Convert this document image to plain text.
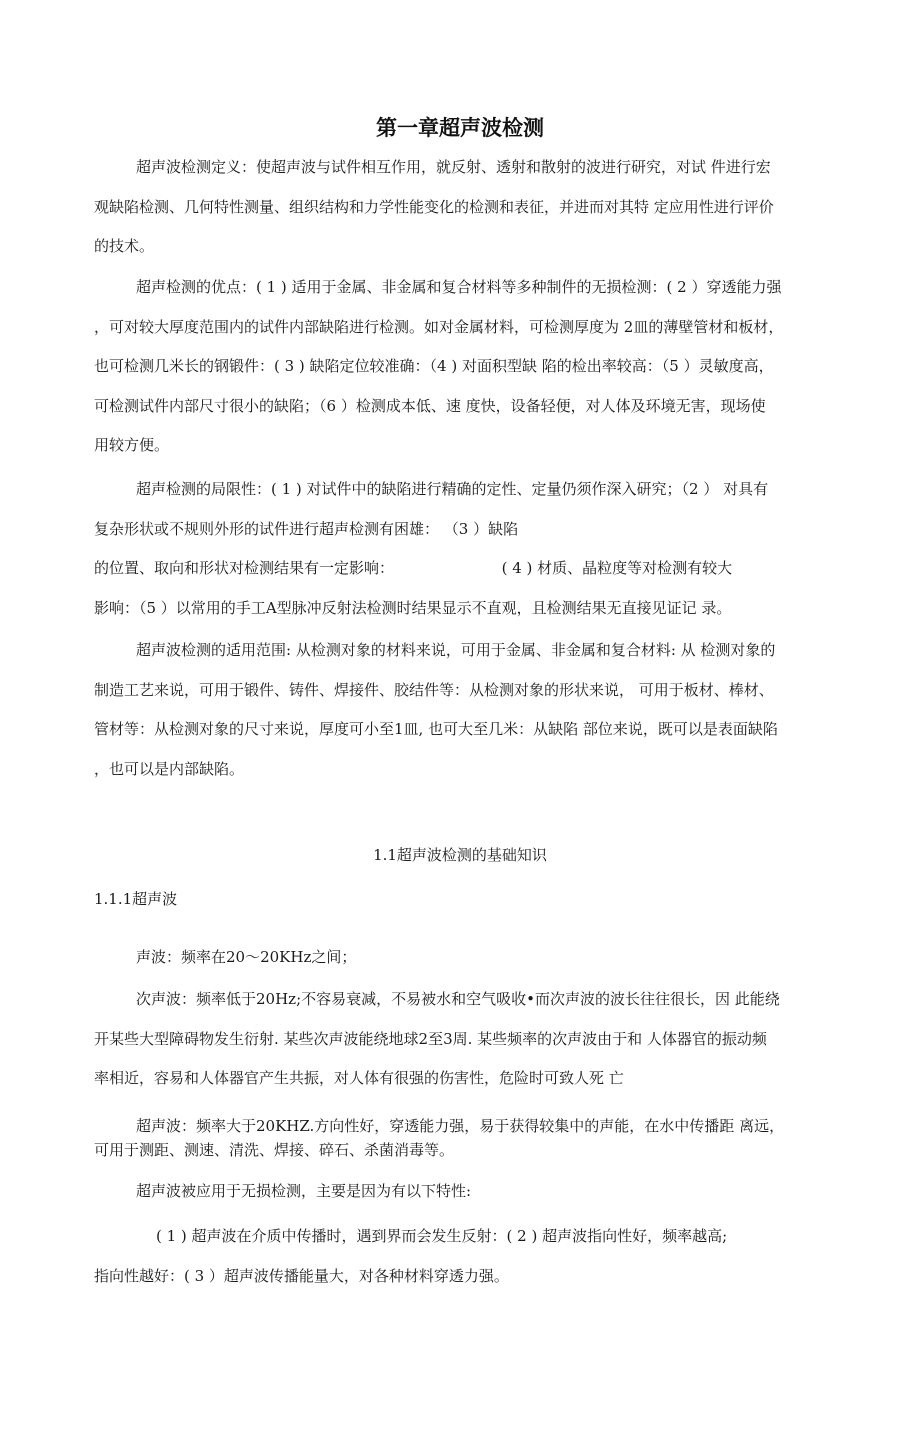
第一章超声波检测
超声波检测定义：使超声波与试件相互作用，就反射、透射和散射的波进行研究，对试 件进行宏
观缺陷检测、几何特性测量、组织结构和力学性能变化的检测和表征，并进而对其特 定应用性进行评价
的技术。
超声检测的优点：( 1 ) 适用于金属、非金属和复合材料等多种制件的无损检测：( 2 ）穿透能力强
，可对较大厚度范围内的试件内部缺陷进行检测。如对金属材料，可检测厚度为 2皿的薄壁管材和板材，
也可检测几米长的钢锻件：( 3 ) 缺陷定位较准确：（4 ) 对面积型缺 陷的检出率较高：（5 ）灵敏度高，
可检测试件内部尺寸很小的缺陷；（6 ）检测成本低、速 度快，设备轻便，对人体及环境无害，现场使
用较方便。
超声检测的局限性：( 1 ) 对试件中的缺陷进行精确的定性、定量仍须作深入研究；（2 ） 对具有
复杂形状或不规则外形的试件进行超声检测有困雄： （3 ）缺陷
的位置、取向和形状对检测结果有一定影响：	( 4 ) 材质、晶粒度等对检测有较大
影响：（5 ）以常用的手工A型脉冲反射法检测时结果显示不直观，且检测结果无直接见证记 录。
超声波检测的适用范围: 从检测对象的材料来说，可用于金属、非金属和复合材料: 从 检测对象的
制造工艺来说，可用于锻件、铸件、焊接件、胶结件等：从检测对象的形状来说， 可用于板材、棒材、
管材等：从检测对象的尺寸来说，厚度可小至1皿, 也可大至几米：从缺陷 部位来说，既可以是表面缺陷
，也可以是内部缺陷。
1.1超声波检测的基础知识
1.1.1超声波
声波：频率在20〜20KHz之间；
次声波：频率低于20Hz;不容易衰减，不易被水和空气吸收•而次声波的波长往往很长，因 此能绕
开某些大型障碍物发生衍射. 某些次声波能绕地球2至3周. 某些频率的次声波由于和 人体器官的振动频
率相近，容易和人体器官产生共振，对人体有很强的伤害性，危险时可致人死 亡
超声波：频率大于20KHZ.方向性好，穿透能力强，易于获得较集中的声能，在水中传播距 离远，
可用于测距、测速、清洗、焊接、碎石、杀菌消毒等。
超声波被应用于无损检测，主要是因为有以下特性:
( 1 ) 超声波在介质中传播时，遇到界而会发生反射：( 2 ) 超声波指向性好，频率越高;
指向性越好：( 3 ）超声波传播能量大，对各种材料穿透力强。
